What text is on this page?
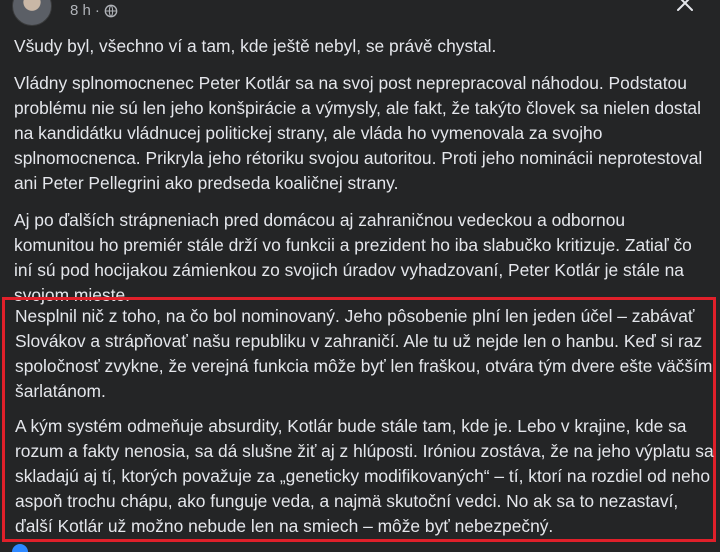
8 h ·

Všudy byl, všechno ví a tam, kde ještě nebyl, se právě chystal.

Vládny splnomocnenec Peter Kotlár sa na svoj post neprepracoval náhodou. Podstatou problému nie sú len jeho konšpirácie a výmysly, ale fakt, že takýto človek sa nielen dostal na kandidátku vládnucej politickej strany, ale vláda ho vymenovala za svojho splnomocnenca. Prikryla jeho rétoriku svojou autoritou. Proti jeho nominácii neprotestoval ani Peter Pellegrini ako predseda koaličnej strany.

Aj po ďalších strápneniach pred domácou aj zahraničnou vedeckou a odbornou komunitou ho premiér stále drží vo funkcii a prezident ho iba slabučko kritizuje. Zatiaľ čo iní sú pod hocijakou zámienkou zo svojich úradov vyhadzovaní, Peter Kotlár je stále na svojom mieste.

Nesplnil nič z toho, na čo bol nominovaný. Jeho pôsobenie plní len jeden účel – zabávať Slovákov a strápňovať našu republiku v zahraničí. Ale tu už nejde len o hanbu. Keď si raz spoločnosť zvykne, že verejná funkcia môže byť len fraškou, otvára tým dvere ešte väčším šarlatánom.

A kým systém odmeňuje absurdity, Kotlár bude stále tam, kde je. Lebo v krajine, kde sa rozum a fakty nenosia, sa dá slušne žiť aj z hlúposti. Iróniou zostáva, že na jeho výplatu sa skladajú aj tí, ktorých považuje za „geneticky modifikovaných“ – tí, ktorí na rozdiel od neho aspoň trochu chápu, ako funguje veda, a najmä skutoční vedci. No ak sa to nezastaví, ďalší Kotlár už možno nebude len na smiech – môže byť nebezpečný.
